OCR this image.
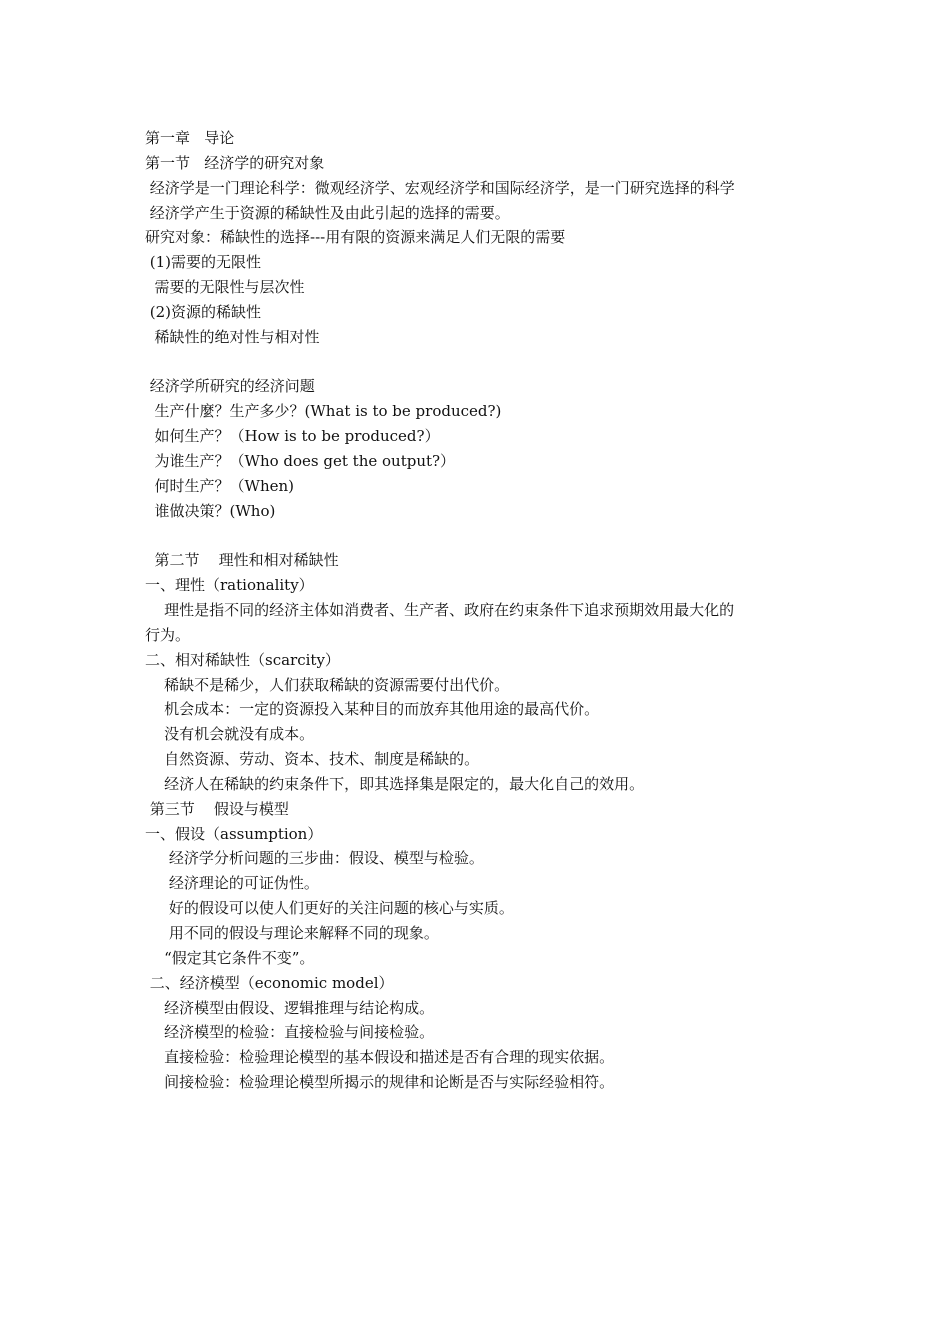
第一章   导论
第一节   经济学的研究对象
经济学是一门理论科学：微观经济学、宏观经济学和国际经济学，是一门研究选择的科学
经济学产生于资源的稀缺性及由此引起的选择的需要。
研究对象：稀缺性的选择---用有限的资源来满足人们无限的需要
(1)需要的无限性
需要的无限性与层次性
(2)资源的稀缺性
稀缺性的绝对性与相对性
经济学所研究的经济问题
生产什麼？生产多少？(What is to be produced?)
如何生产？（How is to be produced?）
为谁生产？（Who does get the output?）
何时生产？（When)
谁做决策？(Who)
第二节    理性和相对稀缺性
一、理性（rationality）
理性是指不同的经济主体如消费者、生产者、政府在约束条件下追求预期效用最大化的
行为。
二、相对稀缺性（scarcity）
稀缺不是稀少，人们获取稀缺的资源需要付出代价。
机会成本：一定的资源投入某种目的而放弃其他用途的最高代价。
没有机会就没有成本。
自然资源、劳动、资本、技术、制度是稀缺的。
经济人在稀缺的约束条件下，即其选择集是限定的，最大化自己的效用。
第三节    假设与模型
一、假设（assumption）
经济学分析问题的三步曲：假设、模型与检验。
经济理论的可证伪性。
好的假设可以使人们更好的关注问题的核心与实质。
用不同的假设与理论来解释不同的现象。
“假定其它条件不变”。
二、经济模型（economic model）
经济模型由假设、逻辑推理与结论构成。
经济模型的检验：直接检验与间接检验。
直接检验：检验理论模型的基本假设和描述是否有合理的现实依据。
间接检验：检验理论模型所揭示的规律和论断是否与实际经验相符。
